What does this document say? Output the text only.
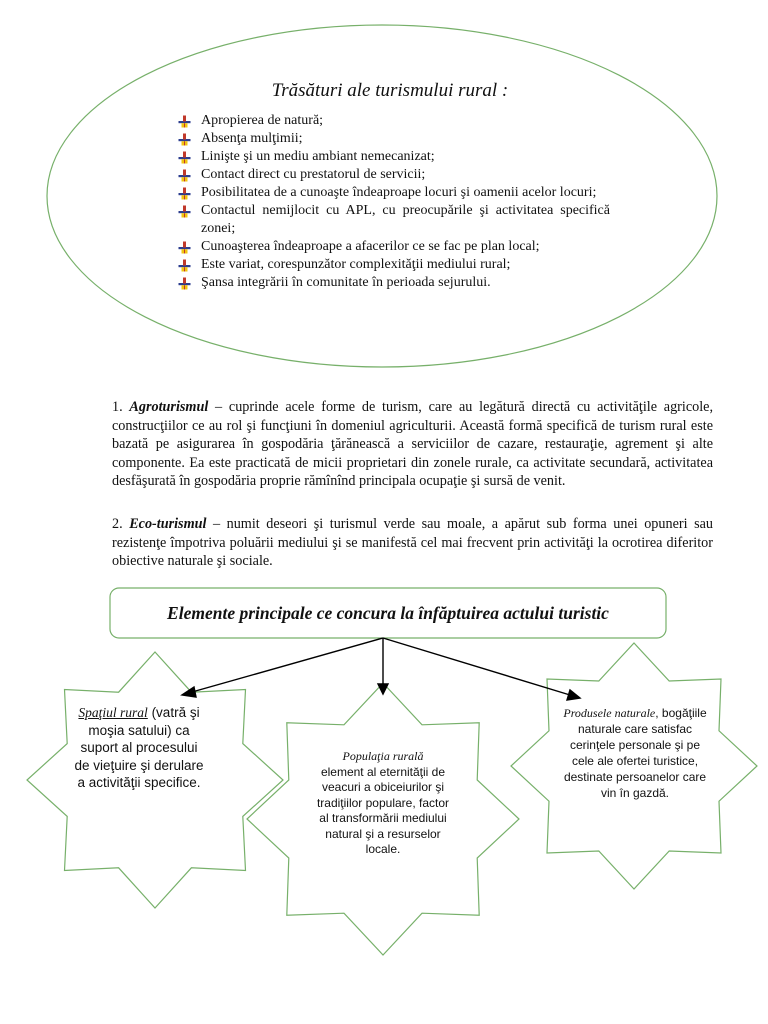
Trăsături ale turismului rural :
Apropierea de natură;
Absenţa mulţimii;
Linişte şi un mediu ambiant nemecanizat;
Contact direct cu prestatorul de servicii;
Posibilitatea de a cunoaşte îndeaproape locuri şi oamenii acelor locuri;
Contactul nemijlocit cu APL, cu preocupările şi activitatea specifică zonei;
Cunoaşterea îndeaproape a afacerilor ce se fac pe plan local;
Este variat, corespunzător complexităţii mediului rural;
Şansa integrării în comunitate în perioada sejurului.

1. Agroturismul – cuprinde acele forme de turism, care au legătură directă cu activităţile agricole, construcţiilor ce au rol şi funcţiuni în domeniul agriculturii. Această formă specifică de turism rural este bazată pe asigurarea în gospodăria ţărănească a serviciilor de cazare, restauraţie, agrement şi alte componente. Ea este practicată de micii proprietari din zonele rurale, ca activitate secundară, activitatea desfăşurată în gospodăria proprie rămînînd principala ocupaţie şi sursă de venit.

2. Eco-turismul – numit deseori şi turismul verde sau moale, a apărut sub forma unei opuneri sau rezistenţe împotriva poluării mediului şi se manifestă cel mai frecvent prin activităţi la ocrotirea diferitor obiective naturale şi sociale.

Elemente principale ce concura la înfăptuirea actului turistic
Spaţiul rural (vatră şi moşia satului) ca suport al procesului de vieţuire şi derulare a activităţii specifice.
Populaţia rurală
element al eternităţii de veacuri a obiceiurilor şi tradiţiilor populare, factor al transformării mediului natural şi a resurselor locale.
Produsele naturale, bogăţiile naturale care satisfac cerinţele personale şi pe cele ale ofertei turistice, destinate persoanelor care vin în gazdă.
